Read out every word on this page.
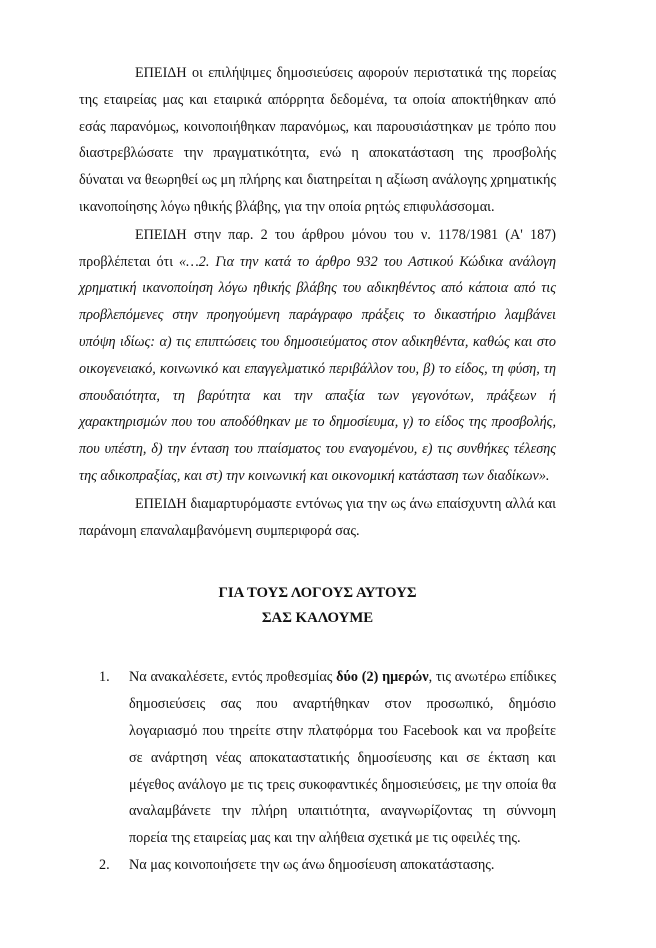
ΕΠΕΙΔΗ οι επιλήψιμες δημοσιεύσεις αφορούν περιστατικά της πορείας της εταιρείας μας και εταιρικά απόρρητα δεδομένα, τα οποία αποκτήθηκαν από εσάς παρανόμως, κοινοποιήθηκαν παρανόμως, και παρουσιάστηκαν με τρόπο που διαστρεβλώσατε την πραγματικότητα, ενώ η αποκατάσταση της προσβολής δύναται να θεωρηθεί ως μη πλήρης και διατηρείται η αξίωση ανάλογης χρηματικής ικανοποίησης λόγω ηθικής βλάβης, για την οποία ρητώς επιφυλάσσομαι.

ΕΠΕΙΔΗ στην παρ. 2 του άρθρου μόνου του ν. 1178/1981 (Α' 187) προβλέπεται ότι «…2. Για την κατά το άρθρο 932 του Αστικού Κώδικα ανάλογη χρηματική ικανοποίηση λόγω ηθικής βλάβης του αδικηθέντος από κάποια από τις προβλεπόμενες στην προηγούμενη παράγραφο πράξεις το δικαστήριο λαμβάνει υπόψη ιδίως: α) τις επιπτώσεις του δημοσιεύματος στον αδικηθέντα, καθώς και στο οικογενειακό, κοινωνικό και επαγγελματικό περιβάλλον του, β) το είδος, τη φύση, τη σπουδαιότητα, τη βαρύτητα και την απαξία των γεγονότων, πράξεων ή χαρακτηρισμών που του αποδόθηκαν με το δημοσίευμα, γ) το είδος της προσβολής, που υπέστη, δ) την ένταση του πταίσματος του εναγομένου, ε) τις συνθήκες τέλεσης της αδικοπραξίας, και στ) την κοινωνική και οικονομική κατάσταση των διαδίκων».

ΕΠΕΙΔΗ διαμαρτυρόμαστε εντόνως για την ως άνω επαίσχυντη αλλά και παράνομη επαναλαμβανόμενη συμπεριφορά σας.

ΓΙΑ ΤΟΥΣ ΛΟΓΟΥΣ ΑΥΤΟΥΣ

ΣΑΣ ΚΑΛΟΥΜΕ

1. Να ανακαλέσετε, εντός προθεσμίας δύο (2) ημερών, τις ανωτέρω επίδικες δημοσιεύσεις σας που αναρτήθηκαν στον προσωπικό, δημόσιο λογαριασμό που τηρείτε στην πλατφόρμα του Facebook και να προβείτε σε ανάρτηση νέας αποκαταστατικής δημοσίευσης και σε έκταση και μέγεθος ανάλογο με τις τρεις συκοφαντικές δημοσιεύσεις, με την οποία θα αναλαμβάνετε την πλήρη υπαιτιότητα, αναγνωρίζοντας τη σύννομη πορεία της εταιρείας μας και την αλήθεια σχετικά με τις οφειλές της.
2. Να μας κοινοποιήσετε την ως άνω δημοσίευση αποκατάστασης.
